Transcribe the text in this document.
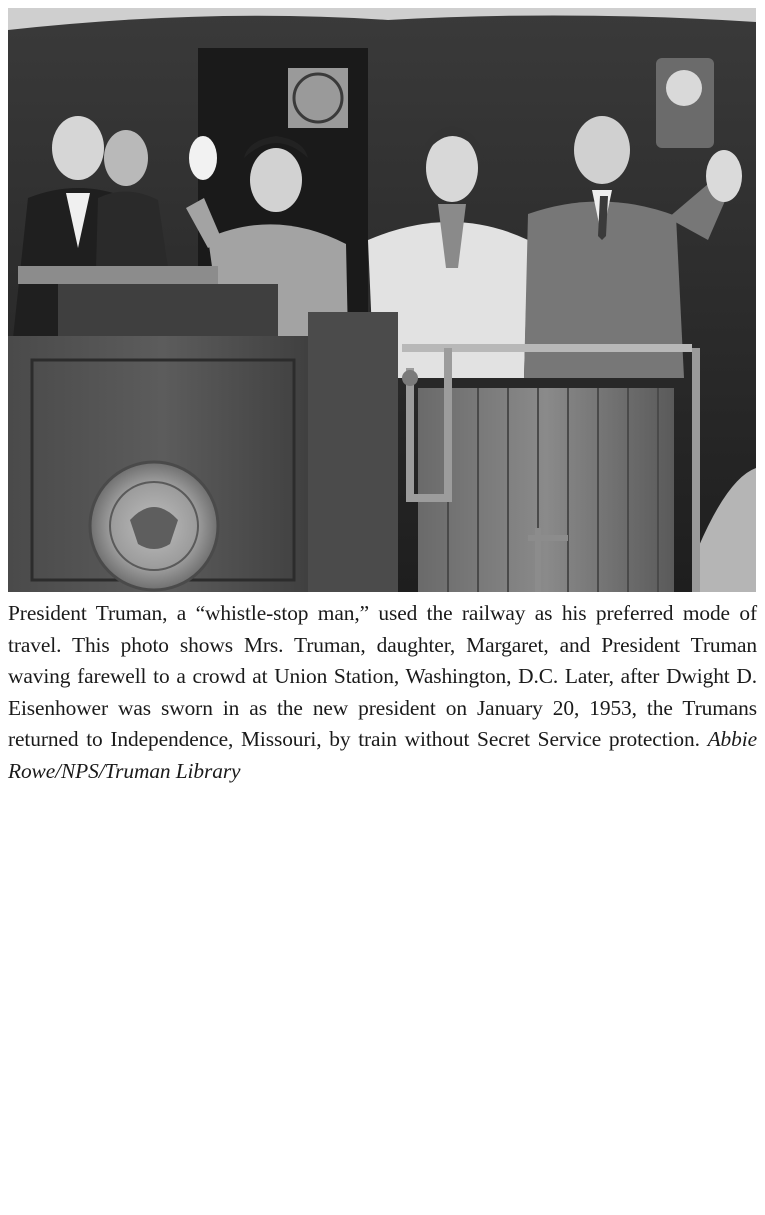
President Truman, a “whistle-stop man,” used the railway as his preferred mode of travel. This photo shows Mrs. Truman, daughter, Margaret, and President Truman waving farewell to a crowd at Union Station, Washington, D.C. Later, after Dwight D. Eisenhower was sworn in as the new president on January 20, 1953, the Trumans returned to Independence, Missouri, by train without Secret Service protection. Abbie Rowe/NPS/Truman Library
